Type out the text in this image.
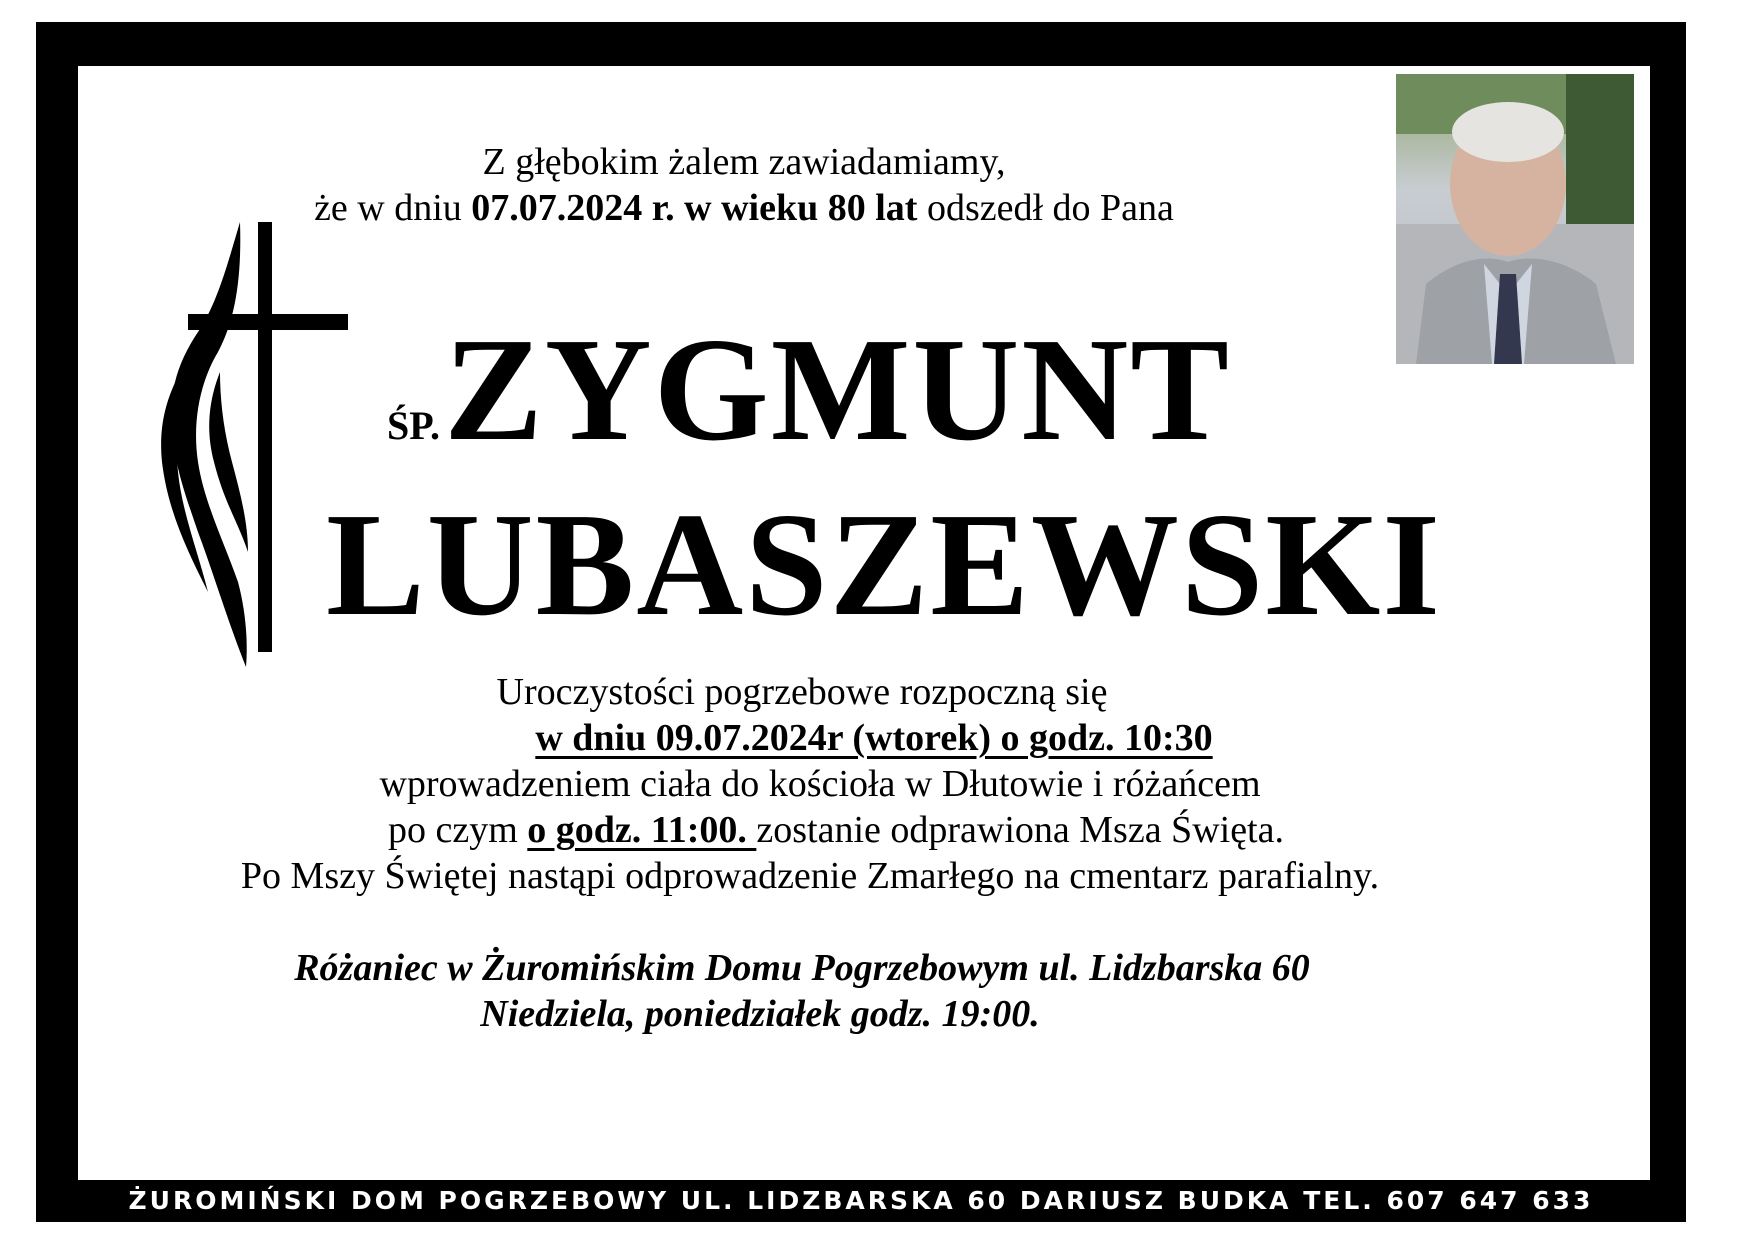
Z głębokim żalem zawiadamiamy,
że w dniu 07.07.2024 r. w wieku 80 lat odszedł do Pana
ŚP. ZYGMUNT
LUBASZEWSKI
Uroczystości pogrzebowe rozpoczną się
w dniu 09.07.2024r (wtorek) o godz. 10:30
wprowadzeniem ciała do kościoła w Dłutowie i różańcem
po czym o godz. 11:00. zostanie odprawiona Msza Święta.
Po Mszy Świętej nastąpi odprowadzenie Zmarłego na cmentarz parafialny.
Różaniec w Żuromińskim Domu Pogrzebowym ul. Lidzbarska 60
Niedziela, poniedziałek godz. 19:00.
ŻUROMIŃSKI DOM POGRZEBOWY UL. LIDZBARSKA 60 DARIUSZ BUDKA TEL. 607 647 633
